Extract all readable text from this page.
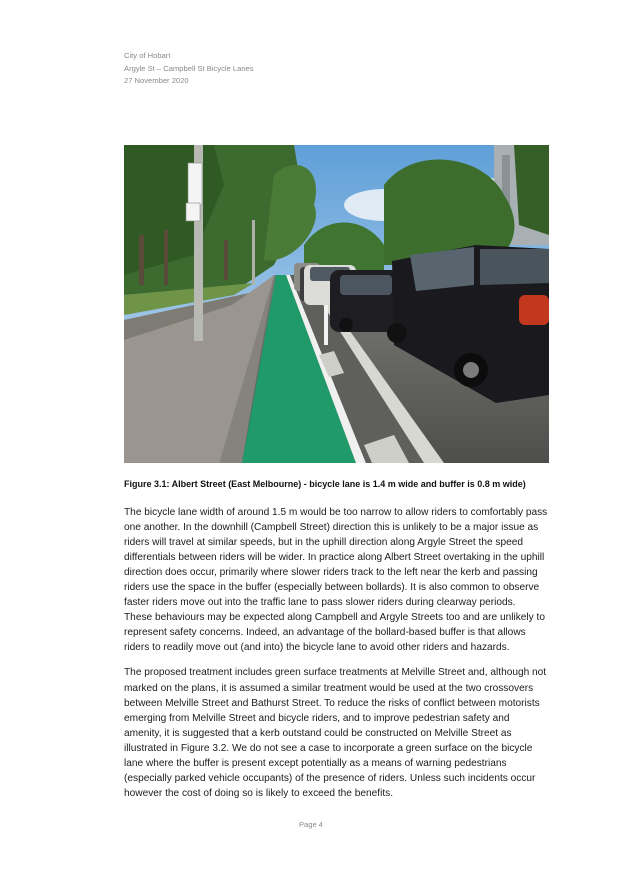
City of Hobart
Argyle St – Campbell St Bicycle Lanes
27 November 2020
Figure 3.1: Albert Street (East Melbourne) - bicycle lane is 1.4 m wide and buffer is 0.8 m wide)

The bicycle lane width of around 1.5 m would be too narrow to allow riders to comfortably pass
one another. In the downhill (Campbell Street) direction this is unlikely to be a major issue as
riders will travel at similar speeds, but in the uphill direction along Argyle Street the speed
differentials between riders will be wider. In practice along Albert Street overtaking in the uphill
direction does occur, primarily where slower riders track to the left near the kerb and passing
riders use the space in the buffer (especially between bollards). It is also common to observe
faster riders move out into the traffic lane to pass slower riders during clearway periods.
These behaviours may be expected along Campbell and Argyle Streets too and are unlikely to
represent safety concerns. Indeed, an advantage of the bollard-based buffer is that allows
riders to readily move out (and into) the bicycle lane to avoid other riders and hazards.

The proposed treatment includes green surface treatments at Melville Street and, although not
marked on the plans, it is assumed a similar treatment would be used at the two crossovers
between Melville Street and Bathurst Street. To reduce the risks of conflict between motorists
emerging from Melville Street and bicycle riders, and to improve pedestrian safety and
amenity, it is suggested that a kerb outstand could be constructed on Melville Street as
illustrated in Figure 3.2. We do not see a case to incorporate a green surface on the bicycle
lane where the buffer is present except potentially as a means of warning pedestrians
(especially parked vehicle occupants) of the presence of riders. Unless such incidents occur
however the cost of doing so is likely to exceed the benefits.

Page 4
